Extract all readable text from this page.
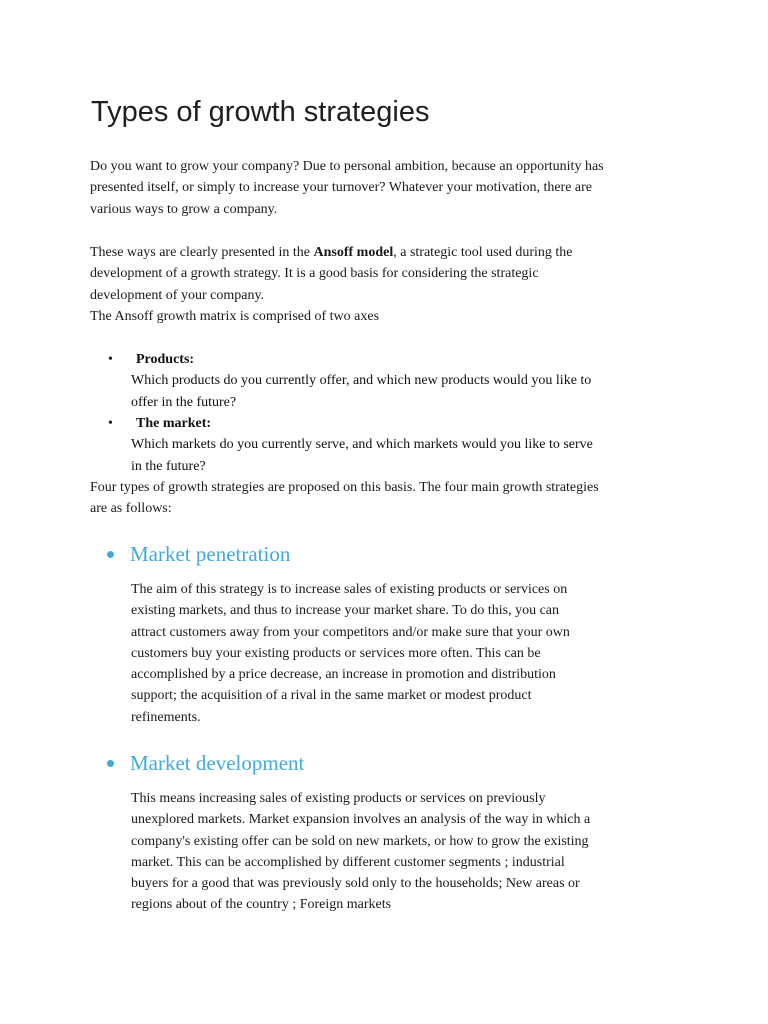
Types of growth strategies

Do you want to grow your company? Due to personal ambition, because an opportunity has
presented itself, or simply to increase your turnover? Whatever your motivation, there are
various ways to grow a company.

These ways are clearly presented in the Ansoff model, a strategic tool used during the
development of a growth strategy. It is a good basis for considering the strategic
development of your company.
The Ansoff growth matrix is comprised of two axes

• Products:
Which products do you currently offer, and which new products would you like to
offer in the future?
• The market:
Which markets do you currently serve, and which markets would you like to serve
in the future?

Four types of growth strategies are proposed on this basis. The four main growth strategies
are as follows:

Market penetration

The aim of this strategy is to increase sales of existing products or services on
existing markets, and thus to increase your market share. To do this, you can
attract customers away from your competitors and/or make sure that your own
customers buy your existing products or services more often. This can be
accomplished by a price decrease, an increase in promotion and distribution
support; the acquisition of a rival in the same market or modest product
refinements.

Market development

This means increasing sales of existing products or services on previously
unexplored markets. Market expansion involves an analysis of the way in which a
company's existing offer can be sold on new markets, or how to grow the existing
market. This can be accomplished by different customer segments ; industrial
buyers for a good that was previously sold only to the households; New areas or
regions about of the country ; Foreign markets
